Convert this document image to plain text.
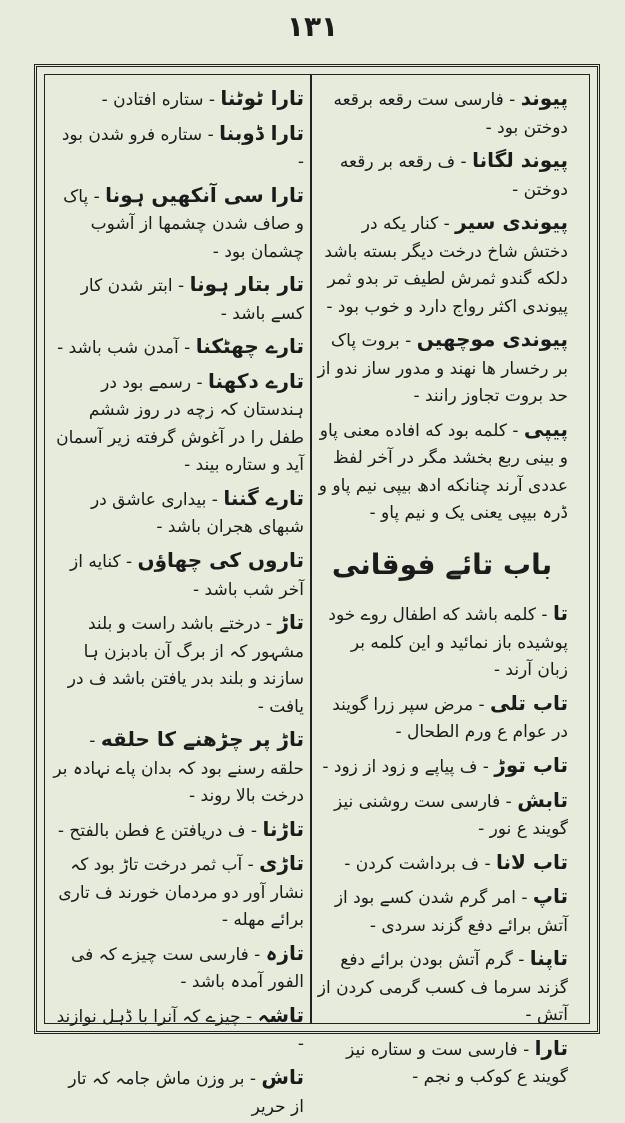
١٣١
پیوند - فارسی ست رقعه برقعه دوختن بود -
پیوند لگانا - ف رقعه بر رقعه دوختن -
پیوندی سیر - کنار یکه در دختش شاخ درخت دیگر بسته باشد دلکه گندو ثمرش لطیف تر بدو ثمر پیوندی اکثر رواج دارد و خوب بود -
پیوندی موچھیں - بروت پاک بر رخسار ها نهند و مدور ساز ندو از حد بروت تجاوز رانند -
پیپی - کلمه بود که افاده معنی پاو و بینی ربع بخشد مگر در آخر لفظ عددی آرند چنانکه ادھ بیپی نیم پاو و ڈرہ بیپی یعنی یک و نیم پاو -
باب تائے فوقانی
تا - کلمه باشد که اطفال روے خود پوشیده باز نمائید و این کلمه بر زبان آرند -
تاب تلی - مرض سپر زرا گویند در عوام ع ورم الطحال -
تاب توڑ - ف پیاپے و زود از زود -
تابش - فارسی ست روشنی نیز گویند ع نور -
تاب لانا - ف برداشت کردن -
تاپ - امر گرم شدن کسے بود از آتش برائے دفع گزند سردی -
تاپنا - گرم آتش بودن برائے دفع گزند سرما ف کسب گرمی کردن از آتش -
تارا - فارسی ست و ستاره نیز گویند ع کوکب و نجم -
تارا ٹوٹنا - ستاره افتادن -
تارا ڈوبنا - ستاره فرو شدن بود -
تارا سی آنکھیں ہونا - پاک و صاف شدن چشمها از آشوب چشمان بود -
تار بتار ہونا - ابتر شدن کار کسے باشد -
تارے چھٹکنا - آمدن شب باشد -
تارے دکھنا - رسمے بود در ہندستان کہ زچه در روز ششم طفل را در آغوش گرفته زیر آسمان آید و ستاره بیند -
تارے گننا - بیداری عاشق در شبهای هجران باشد -
تاروں کی چھاؤں - کنایه از آخر شب باشد -
تاڑ - درختے باشد راست و بلند مشہور کہ از برگ آن بادبزن ہا سازند و بلند بدر یافتن باشد ف در یافت -
تاڑ پر چڑھنے کا حلقه - حلقه رسنے بود کہ بدان پاے نہادہ بر درخت بالا روند -
تاڑنا - ف دریافتن ع فطن بالفتح -
تاڑی - آب ثمر درخت تاڑ بود کہ نشار آور دو مردمان خورند ف تاری برائے مهله -
تازہ - فارسی ست چیزے کہ فی الفور آمدہ باشد -
تاشہ - چیزے کہ آنرا با ڈہل نوازند -
تاش - بر وزن ماش جامہ کہ تار از حریر
